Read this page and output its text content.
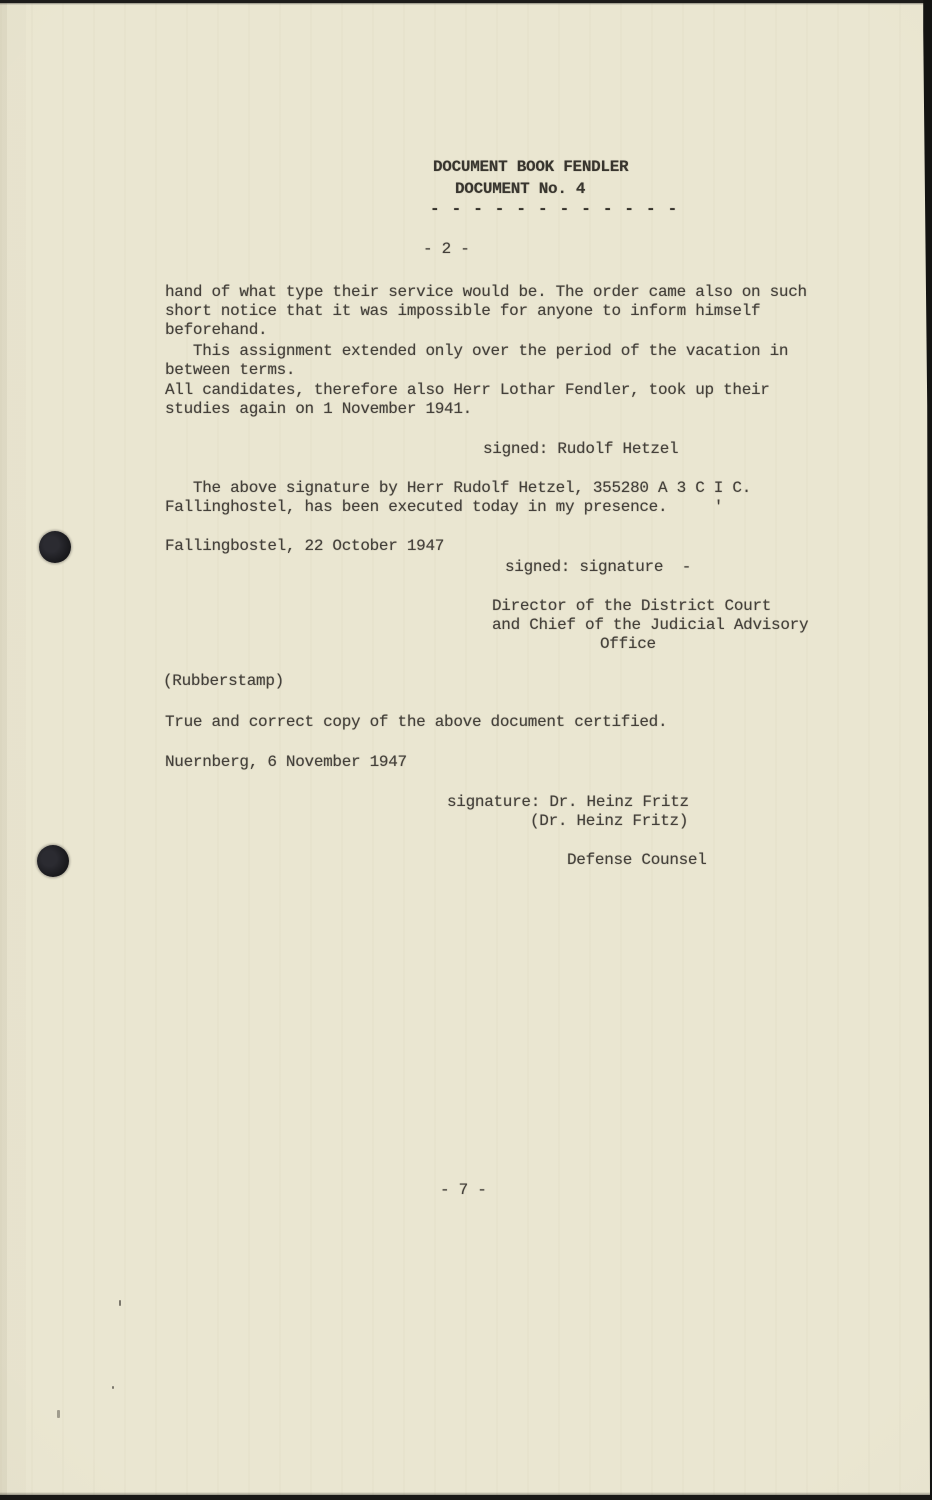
DOCUMENT BOOK FENDLER
DOCUMENT No. 4
- - - - - - - - - - - -
- 2 -
hand of what type their service would be. The order came also on such
short notice that it was impossible for anyone to inform himself
beforehand.
This assignment extended only over the period of the vacation in
between terms.
All candidates, therefore also Herr Lothar Fendler, took up their
studies again on 1 November 1941.
signed: Rudolf Hetzel
The above signature by Herr Rudolf Hetzel, 355280 A 3 C I C.
Fallinghostel, has been executed today in my presence.     '
Fallingbostel, 22 October 1947
signed: signature  -
Director of the District Court
and Chief of the Judicial Advisory
Office
(Rubberstamp)
True and correct copy of the above document certified.
Nuernberg, 6 November 1947
signature: Dr. Heinz Fritz
(Dr. Heinz Fritz)
Defense Counsel
- 7 -
